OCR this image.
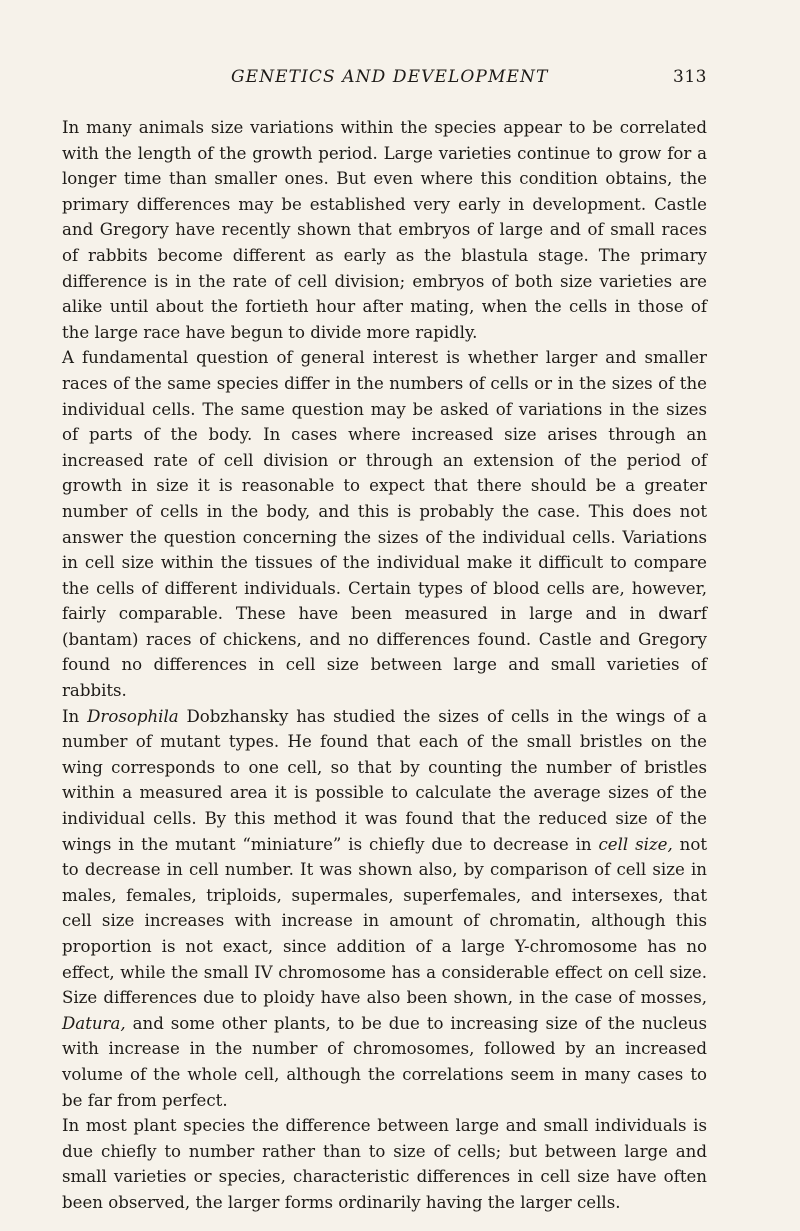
GENETICS AND DEVELOPMENT	313

In many animals size variations within the species appear to be correlated with the length of the growth period. Large varieties continue to grow for a longer time than smaller ones. But even where this condition obtains, the primary differences may be established very early in development. Castle and Gregory have recently shown that embryos of large and of small races of rabbits become different as early as the blastula stage. The primary difference is in the rate of cell division; embryos of both size varieties are alike until about the fortieth hour after mating, when the cells in those of the large race have begun to divide more rapidly.

A fundamental question of general interest is whether larger and smaller races of the same species differ in the numbers of cells or in the sizes of the individual cells. The same question may be asked of variations in the sizes of parts of the body. In cases where increased size arises through an increased rate of cell division or through an extension of the period of growth in size it is reasonable to expect that there should be a greater number of cells in the body, and this is probably the case. This does not answer the question concerning the sizes of the individual cells. Variations in cell size within the tissues of the individual make it difficult to compare the cells of different individuals. Certain types of blood cells are, however, fairly comparable. These have been measured in large and in dwarf (bantam) races of chickens, and no differences found. Castle and Gregory found no differences in cell size between large and small varieties of rabbits.

In Drosophila Dobzhansky has studied the sizes of cells in the wings of a number of mutant types. He found that each of the small bristles on the wing corresponds to one cell, so that by counting the number of bristles within a measured area it is possible to calculate the average sizes of the individual cells. By this method it was found that the reduced size of the wings in the mutant “miniature” is chiefly due to decrease in cell size, not to decrease in cell number. It was shown also, by comparison of cell size in males, females, triploids, supermales, superfemales, and intersexes, that cell size increases with increase in amount of chromatin, although this proportion is not exact, since addition of a large Y-chromosome has no effect, while the small IV chromosome has a considerable effect on cell size. Size differences due to ploidy have also been shown, in the case of mosses, Datura, and some other plants, to be due to increasing size of the nucleus with increase in the number of chromosomes, followed by an increased volume of the whole cell, although the correlations seem in many cases to be far from perfect.

In most plant species the difference between large and small individuals is due chiefly to number rather than to size of cells; but between large and small varieties or species, characteristic differences in cell size have often been observed, the larger forms ordinarily having the larger cells.
